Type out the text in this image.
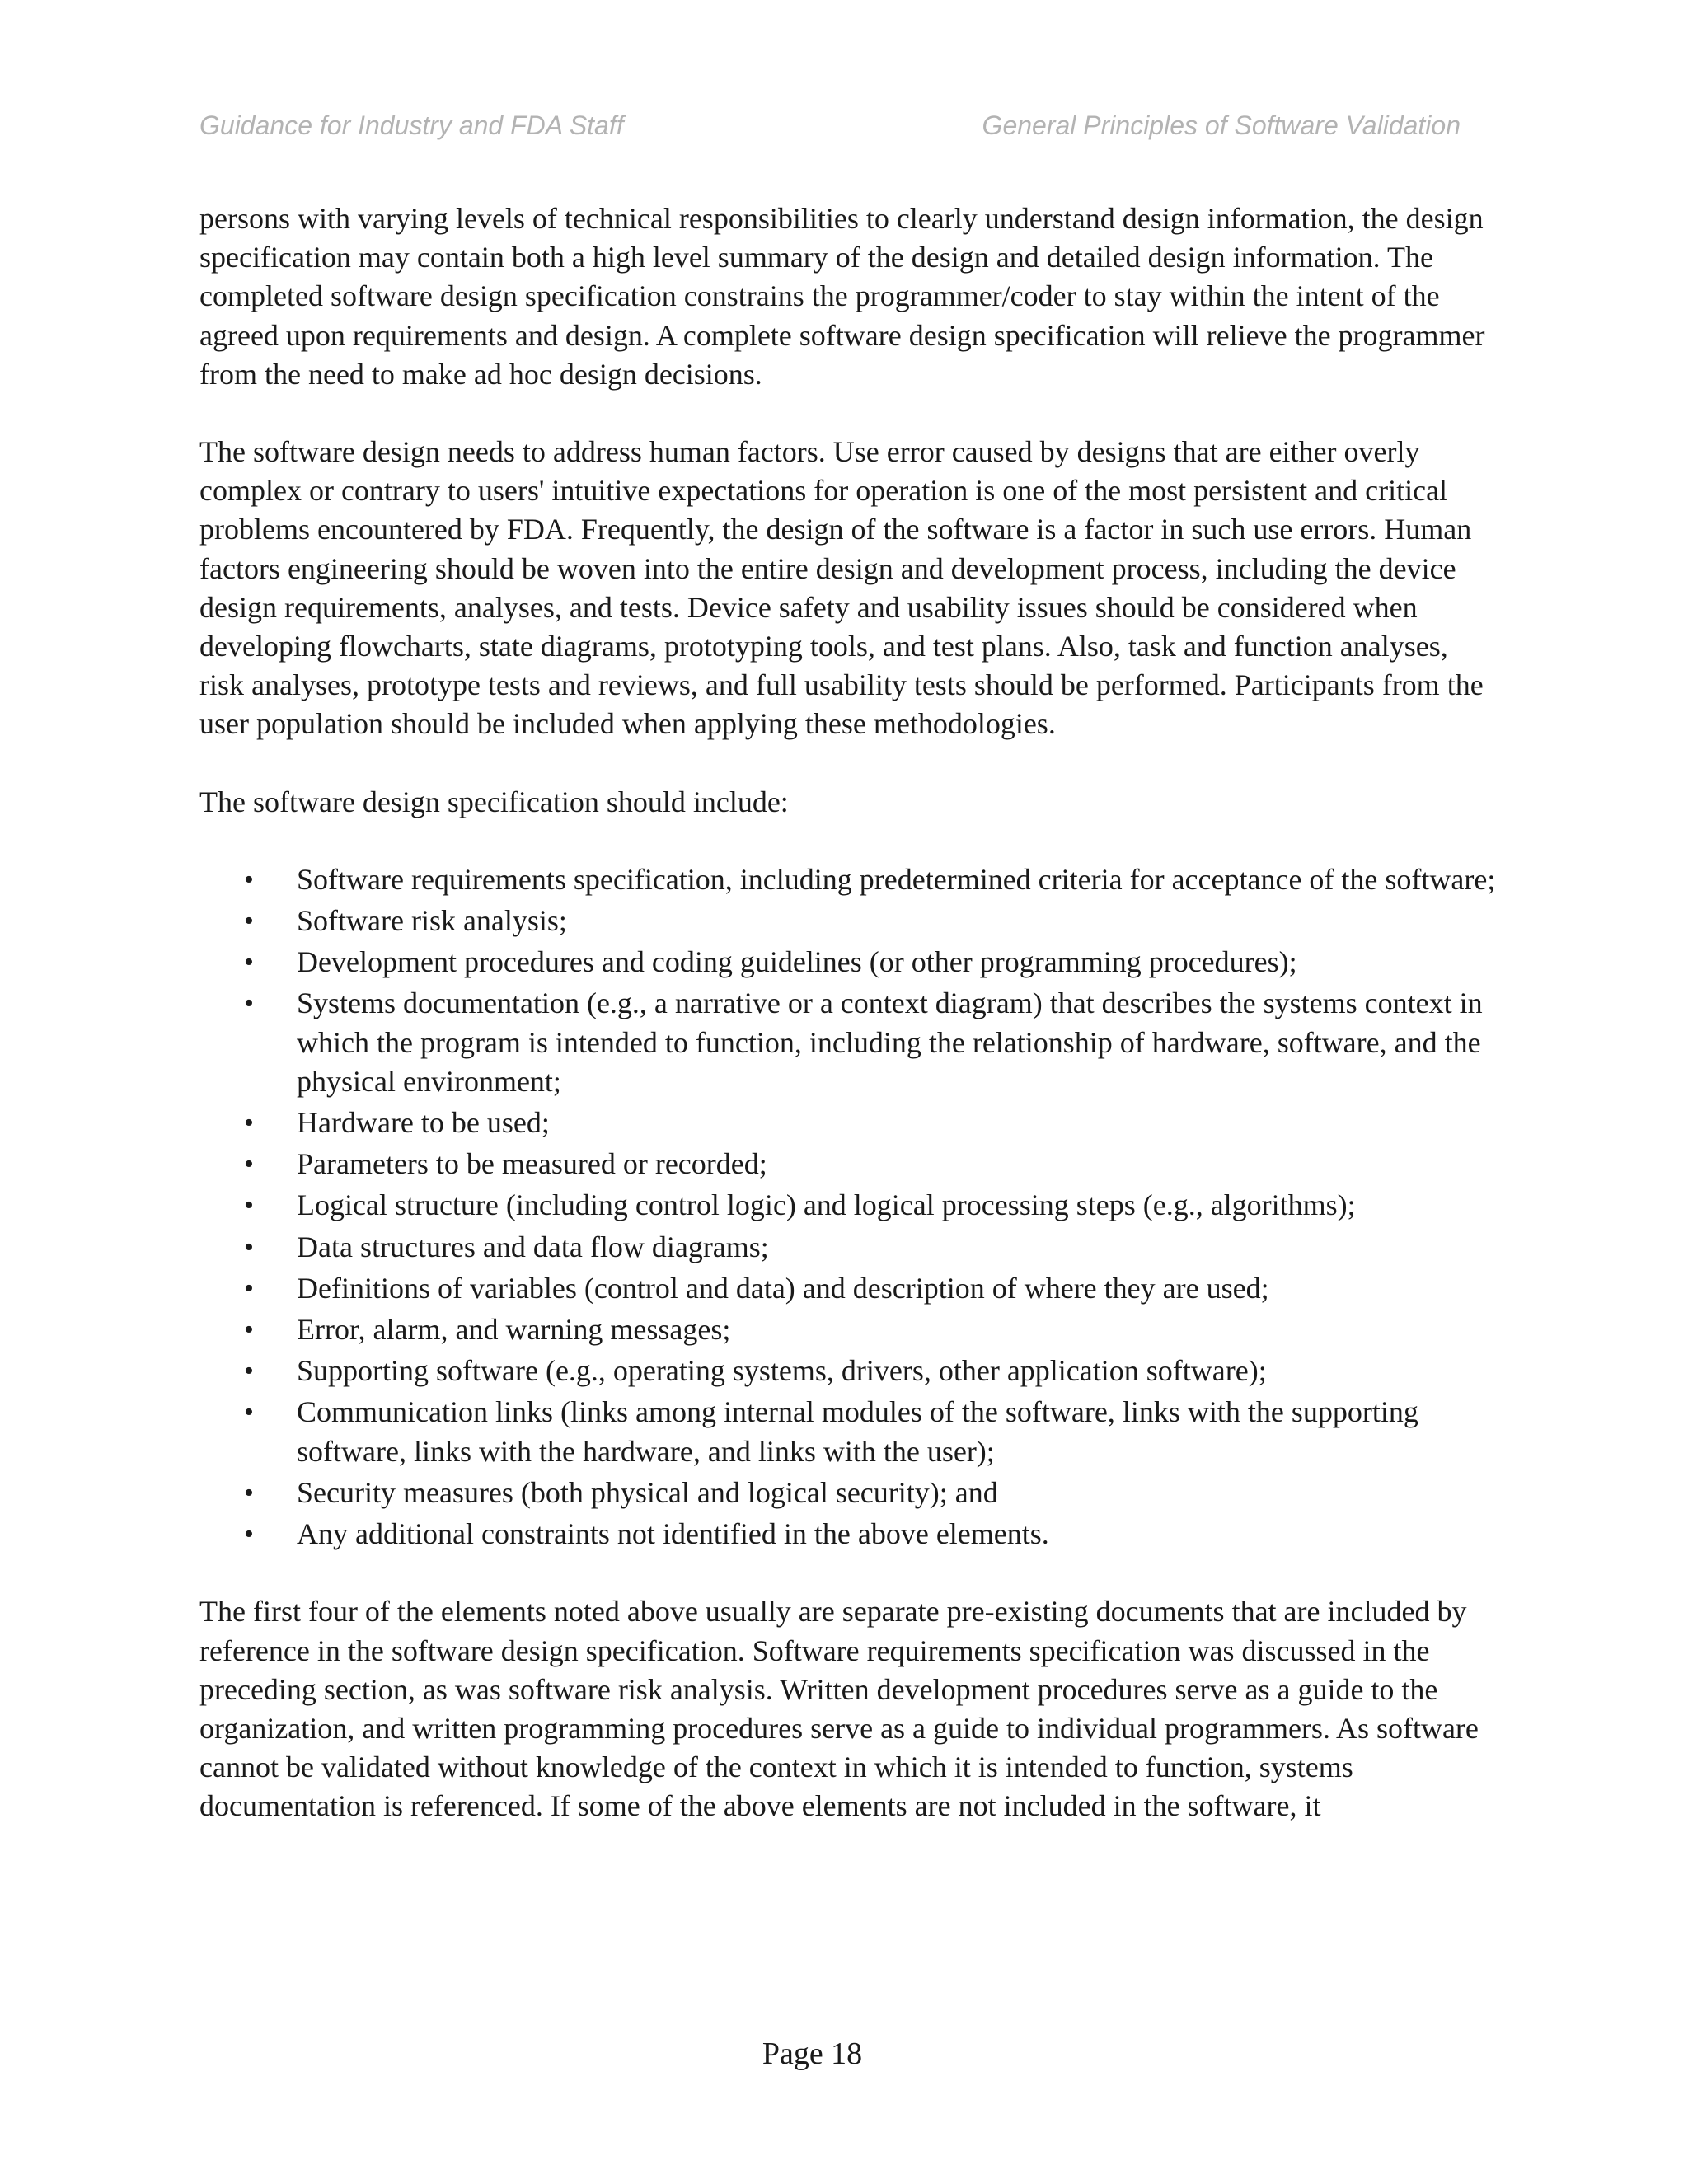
Guidance for Industry and FDA Staff	General Principles of Software Validation

persons with varying levels of technical responsibilities to clearly understand design information, the design specification may contain both a high level summary of the design and detailed design information. The completed software design specification constrains the programmer/coder to stay within the intent of the agreed upon requirements and design. A complete software design specification will relieve the programmer from the need to make ad hoc design decisions.

The software design needs to address human factors. Use error caused by designs that are either overly complex or contrary to users' intuitive expectations for operation is one of the most persistent and critical problems encountered by FDA. Frequently, the design of the software is a factor in such use errors. Human factors engineering should be woven into the entire design and development process, including the device design requirements, analyses, and tests. Device safety and usability issues should be considered when developing flowcharts, state diagrams, prototyping tools, and test plans. Also, task and function analyses, risk analyses, prototype tests and reviews, and full usability tests should be performed. Participants from the user population should be included when applying these methodologies.

The software design specification should include:

• Software requirements specification, including predetermined criteria for acceptance of the software;
• Software risk analysis;
• Development procedures and coding guidelines (or other programming procedures);
• Systems documentation (e.g., a narrative or a context diagram) that describes the systems context in which the program is intended to function, including the relationship of hardware, software, and the physical environment;
• Hardware to be used;
• Parameters to be measured or recorded;
• Logical structure (including control logic) and logical processing steps (e.g., algorithms);
• Data structures and data flow diagrams;
• Definitions of variables (control and data) and description of where they are used;
• Error, alarm, and warning messages;
• Supporting software (e.g., operating systems, drivers, other application software);
• Communication links (links among internal modules of the software, links with the supporting software, links with the hardware, and links with the user);
• Security measures (both physical and logical security); and
• Any additional constraints not identified in the above elements.

The first four of the elements noted above usually are separate pre-existing documents that are included by reference in the software design specification. Software requirements specification was discussed in the preceding section, as was software risk analysis. Written development procedures serve as a guide to the organization, and written programming procedures serve as a guide to individual programmers. As software cannot be validated without knowledge of the context in which it is intended to function, systems documentation is referenced. If some of the above elements are not included in the software, it

Page 18
